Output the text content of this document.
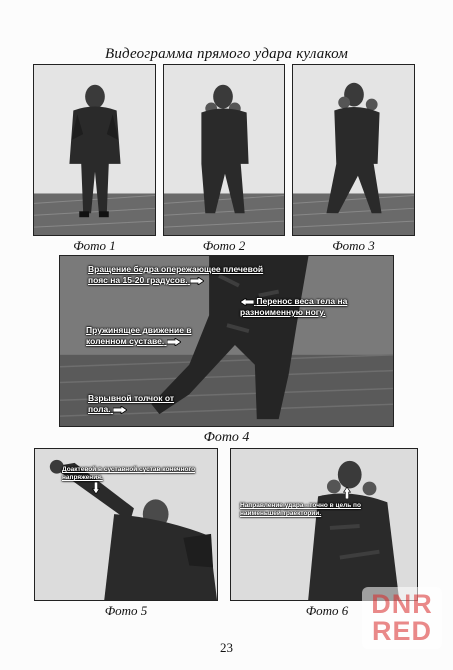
Видеограмма прямого удара кулаком
Фото 1	Фото 2	Фото 3
Вращение бедра опережающее плечевой пояс на 15-20 градусов.
Перенос веса тела на разноименную ногу.
Пружинящее движение в коленном суставе.
Взрывной толчок от пола.
Фото 4
Доактевой в суставной сустав конечного напряжения.
Фото 5
Направление удара - точно в цель по наименьшей траектории.
Фото 6
23
DNR
RED
